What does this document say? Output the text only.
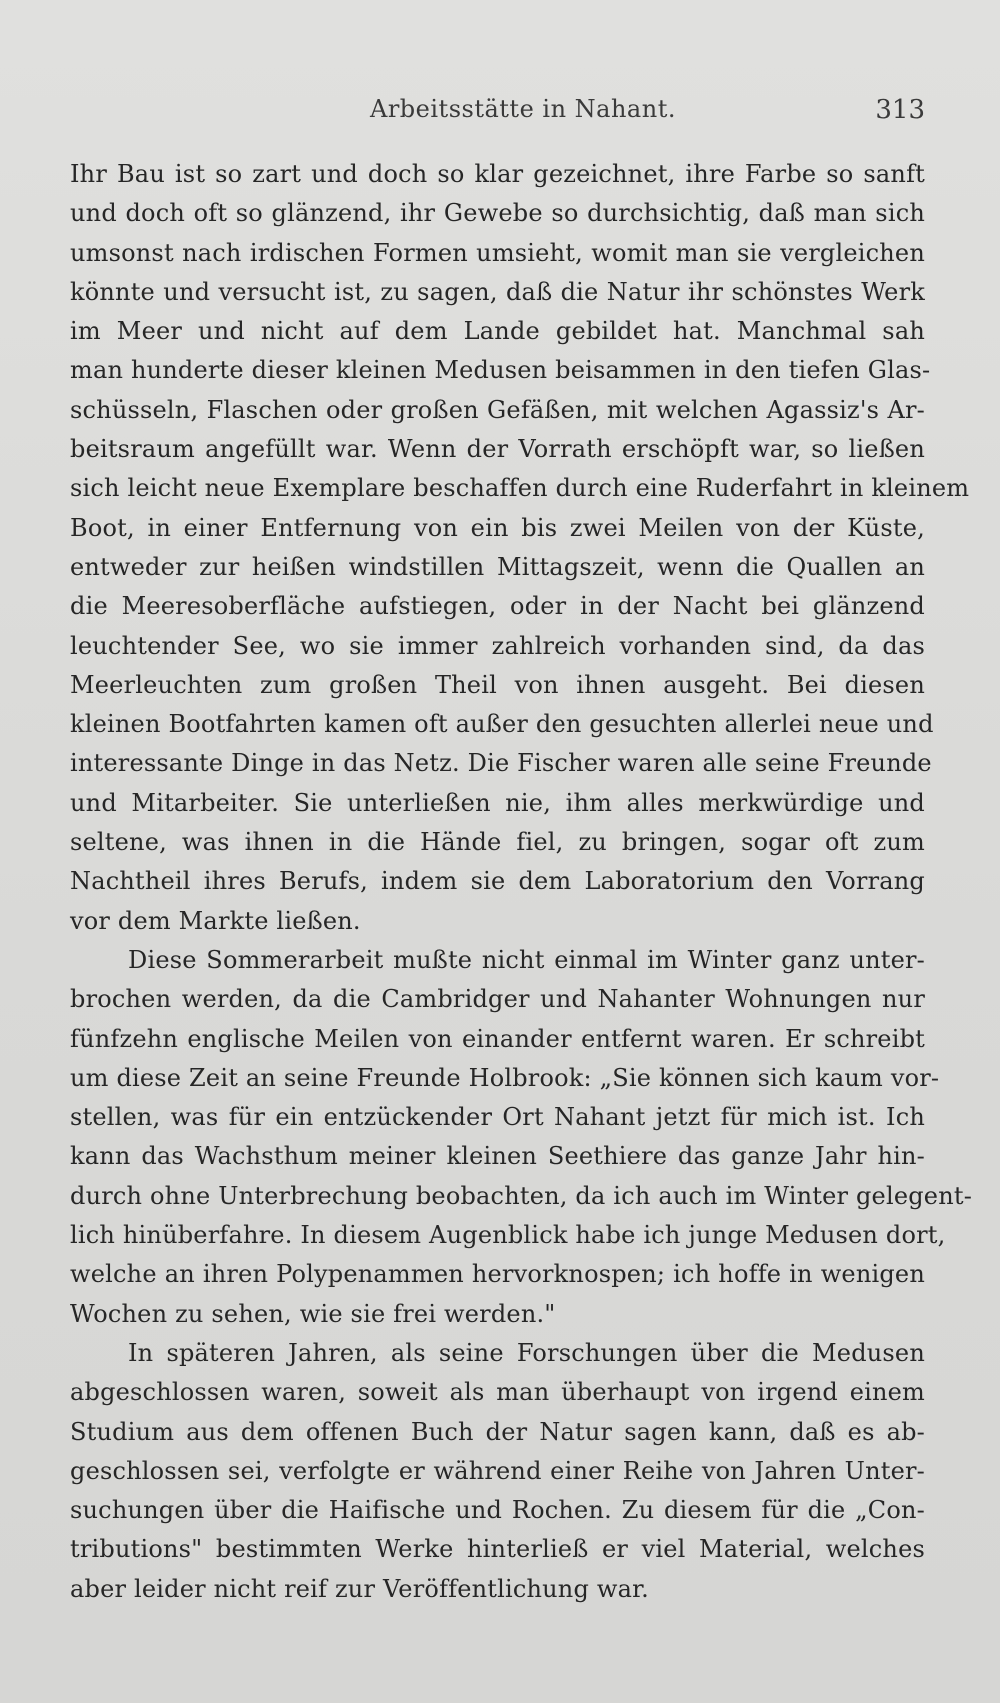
Arbeitsstätte in Nahant.	313
Ihr Bau ist so zart und doch so klar gezeichnet, ihre Farbe so sanft
und doch oft so glänzend, ihr Gewebe so durchsichtig, daß man sich
umsonst nach irdischen Formen umsieht, womit man sie vergleichen
könnte und versucht ist, zu sagen, daß die Natur ihr schönstes Werk
im Meer und nicht auf dem Lande gebildet hat. Manchmal sah
man hunderte dieser kleinen Medusen beisammen in den tiefen Glas-
schüsseln, Flaschen oder großen Gefäßen, mit welchen Agassiz's Ar-
beitsraum angefüllt war. Wenn der Vorrath erschöpft war, so ließen
sich leicht neue Exemplare beschaffen durch eine Ruderfahrt in kleinem
Boot, in einer Entfernung von ein bis zwei Meilen von der Küste,
entweder zur heißen windstillen Mittagszeit, wenn die Quallen an
die Meeresoberfläche aufstiegen, oder in der Nacht bei glänzend
leuchtender See, wo sie immer zahlreich vorhanden sind, da das
Meerleuchten zum großen Theil von ihnen ausgeht. Bei diesen
kleinen Bootfahrten kamen oft außer den gesuchten allerlei neue und
interessante Dinge in das Netz. Die Fischer waren alle seine Freunde
und Mitarbeiter. Sie unterließen nie, ihm alles merkwürdige und
seltene, was ihnen in die Hände fiel, zu bringen, sogar oft zum
Nachtheil ihres Berufs, indem sie dem Laboratorium den Vorrang
vor dem Markte ließen.
Diese Sommerarbeit mußte nicht einmal im Winter ganz unter-
brochen werden, da die Cambridger und Nahanter Wohnungen nur
fünfzehn englische Meilen von einander entfernt waren. Er schreibt
um diese Zeit an seine Freunde Holbrook: „Sie können sich kaum vor-
stellen, was für ein entzückender Ort Nahant jetzt für mich ist. Ich
kann das Wachsthum meiner kleinen Seethiere das ganze Jahr hin-
durch ohne Unterbrechung beobachten, da ich auch im Winter gelegent-
lich hinüberfahre. In diesem Augenblick habe ich junge Medusen dort,
welche an ihren Polypenammen hervorknospen; ich hoffe in wenigen
Wochen zu sehen, wie sie frei werden."
In späteren Jahren, als seine Forschungen über die Medusen
abgeschlossen waren, soweit als man überhaupt von irgend einem
Studium aus dem offenen Buch der Natur sagen kann, daß es ab-
geschlossen sei, verfolgte er während einer Reihe von Jahren Unter-
suchungen über die Haifische und Rochen. Zu diesem für die „Con-
tributions" bestimmten Werke hinterließ er viel Material, welches
aber leider nicht reif zur Veröffentlichung war.
